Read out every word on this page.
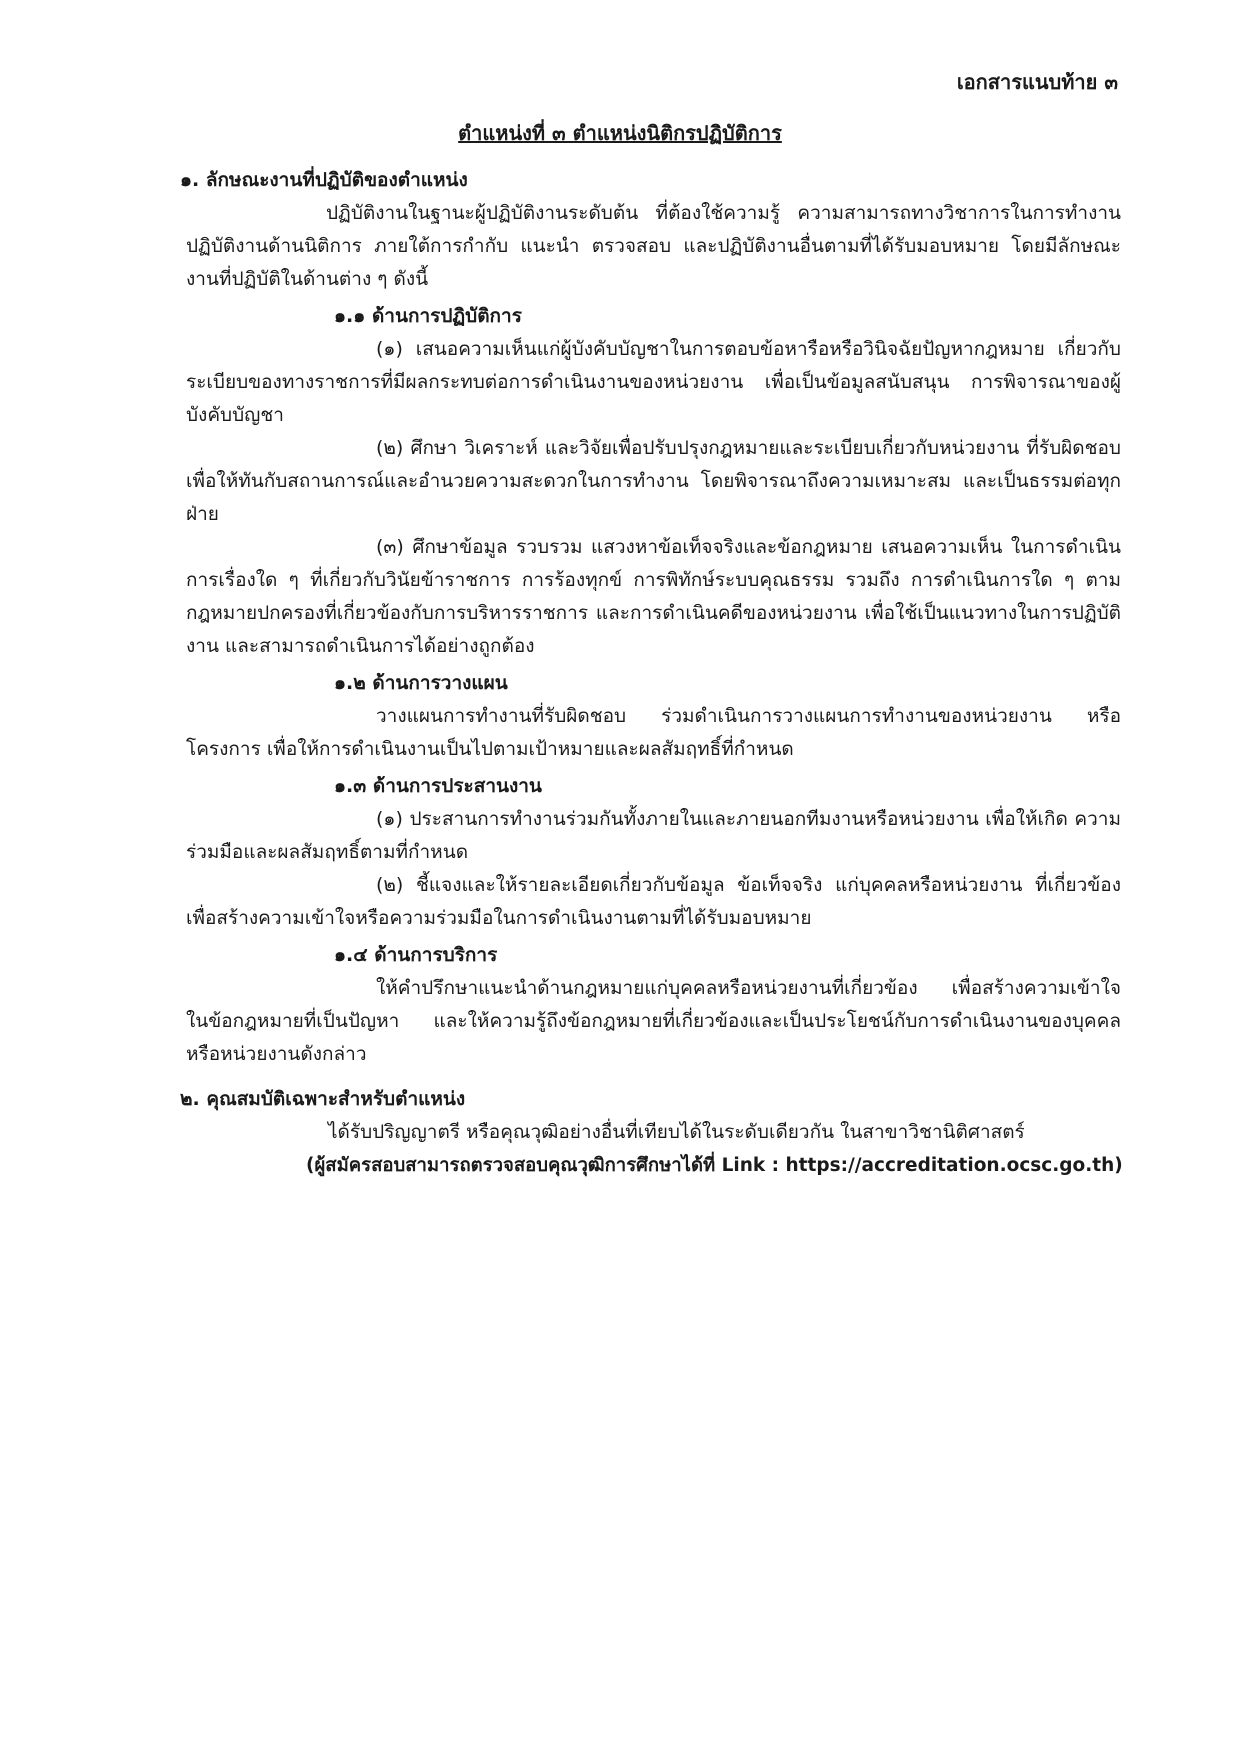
เอกสารแนบท้าย ๓
ตำแหน่งที่ ๓ ตำแหน่งนิติกรปฏิบัติการ

๑. ลักษณะงานที่ปฏิบัติของตำแหน่ง

ปฏิบัติงานในฐานะผู้ปฏิบัติงานระดับต้น ที่ต้องใช้ความรู้ ความสามารถทางวิชาการในการทำงาน ปฏิบัติงานด้านนิติการ ภายใต้การกำกับ แนะนำ ตรวจสอบ และปฏิบัติงานอื่นตามที่ได้รับมอบหมาย โดยมีลักษณะงานที่ปฏิบัติในด้านต่าง ๆ ดังนี้

๑.๑ ด้านการปฏิบัติการ

(๑) เสนอความเห็นแก่ผู้บังคับบัญชาในการตอบข้อหารือหรือวินิจฉัยปัญหากฎหมาย เกี่ยวกับระเบียบของทางราชการที่มีผลกระทบต่อการดำเนินงานของหน่วยงาน เพื่อเป็นข้อมูลสนับสนุน การพิจารณาของผู้บังคับบัญชา

(๒) ศึกษา วิเคราะห์ และวิจัยเพื่อปรับปรุงกฎหมายและระเบียบเกี่ยวกับหน่วยงาน ที่รับผิดชอบ เพื่อให้ทันกับสถานการณ์และอำนวยความสะดวกในการทำงาน โดยพิจารณาถึงความเหมาะสม และเป็นธรรมต่อทุกฝ่าย

(๓) ศึกษาข้อมูล รวบรวม แสวงหาข้อเท็จจริงและข้อกฎหมาย เสนอความเห็น ในการดำเนินการเรื่องใด ๆ ที่เกี่ยวกับวินัยข้าราชการ การร้องทุกข์ การพิทักษ์ระบบคุณธรรม รวมถึง การดำเนินการใด ๆ ตามกฎหมายปกครองที่เกี่ยวข้องกับการบริหารราชการ และการดำเนินคดีของหน่วยงาน เพื่อใช้เป็นแนวทางในการปฏิบัติงาน และสามารถดำเนินการได้อย่างถูกต้อง

๑.๒ ด้านการวางแผน

วางแผนการทำงานที่รับผิดชอบ ร่วมดำเนินการวางแผนการทำงานของหน่วยงาน หรือโครงการ เพื่อให้การดำเนินงานเป็นไปตามเป้าหมายและผลสัมฤทธิ์ที่กำหนด

๑.๓ ด้านการประสานงาน

(๑) ประสานการทำงานร่วมกันทั้งภายในและภายนอกทีมงานหรือหน่วยงาน เพื่อให้เกิด ความร่วมมือและผลสัมฤทธิ์ตามที่กำหนด

(๒) ชี้แจงและให้รายละเอียดเกี่ยวกับข้อมูล ข้อเท็จจริง แก่บุคคลหรือหน่วยงาน ที่เกี่ยวข้อง เพื่อสร้างความเข้าใจหรือความร่วมมือในการดำเนินงานตามที่ได้รับมอบหมาย

๑.๔ ด้านการบริการ

ให้คำปรึกษาแนะนำด้านกฎหมายแก่บุคคลหรือหน่วยงานที่เกี่ยวข้อง เพื่อสร้างความเข้าใจ ในข้อกฎหมายที่เป็นปัญหา และให้ความรู้ถึงข้อกฎหมายที่เกี่ยวข้องและเป็นประโยชน์กับการดำเนินงานของบุคคล หรือหน่วยงานดังกล่าว

๒. คุณสมบัติเฉพาะสำหรับตำแหน่ง

ได้รับปริญญาตรี หรือคุณวุฒิอย่างอื่นที่เทียบได้ในระดับเดียวกัน ในสาขาวิชานิติศาสตร์

(ผู้สมัครสอบสามารถตรวจสอบคุณวุฒิการศึกษาได้ที่ Link : https://accreditation.ocsc.go.th)
